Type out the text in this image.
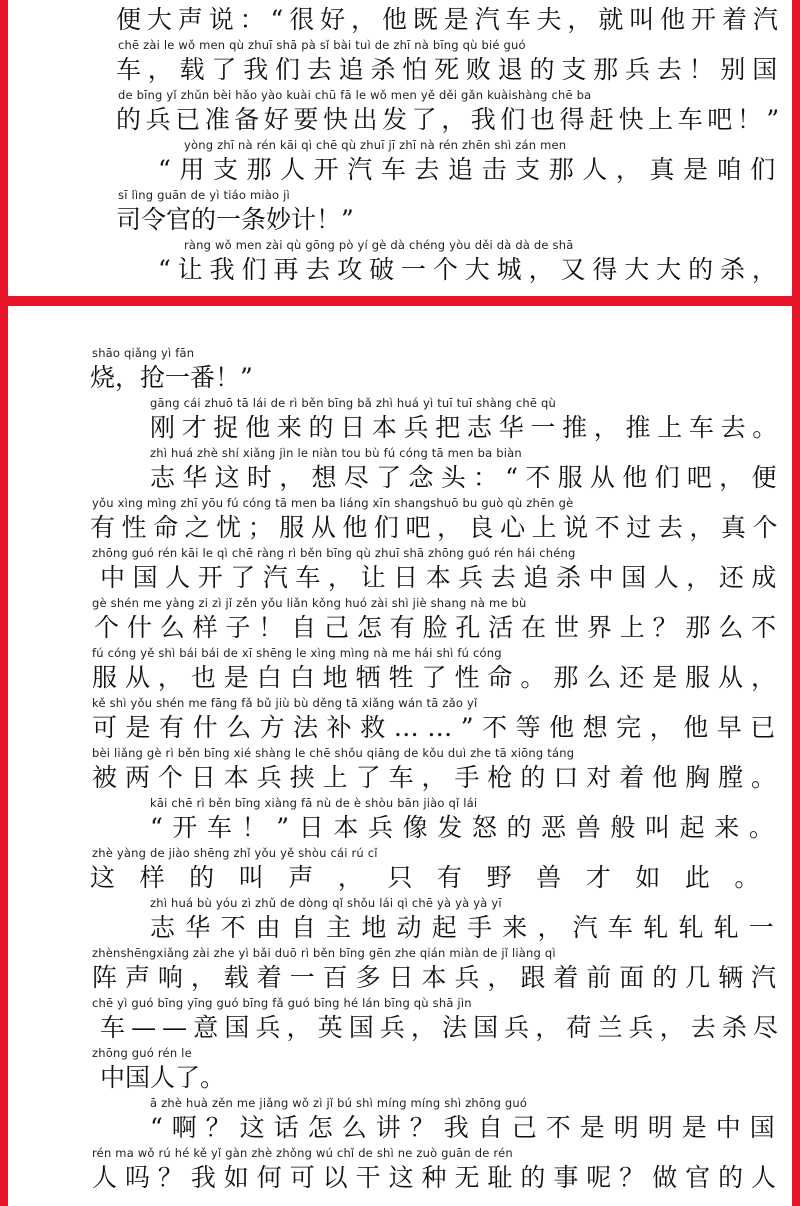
便大声说：“很好，他既是汽车夫，就叫他开着汽
chē zài le wǒ men qù zhuī shā pà sǐ bài tuì de zhī nà bīng qù bié guó
车，载了我们去追杀怕死败退的支那兵去！别国
de bīng yǐ zhǔn bèi hǎo yào kuài chū fā le wǒ men yě děi gǎn kuàishàng chē ba
的兵已准备好要快出发了，我们也得赶快上车吧！”
yòng zhī nà rén kāi qì chē qù zhuī jī zhī nà rén zhēn shì zán men
“用支那人开汽车去追击支那人，真是咱们
sī lìng guān de yì tiáo miào jì
司令官的一条妙计！”
ràng wǒ men zài qù gōng pò yí gè dà chéng yòu děi dà dà de shā
“让我们再去攻破一个大城，又得大大的杀，
shāo qiǎng yì fān
烧，抢一番！”
gāng cái zhuō tā lái de rì běn bīng bǎ zhì huá yì tuī tuī shàng chē qù
刚才捉他来的日本兵把志华一推，推上车去。
zhì huá zhè shí xiǎng jìn le niàn tou bù fú cóng tā men ba biàn
志华这时，想尽了念头：“不服从他们吧，便
yǒu xìng mìng zhī yōu fú cóng tā men ba liáng xīn shangshuō bu guò qù zhēn gè
有性命之忧；服从他们吧，良心上说不过去，真个
zhōng guó rén kāi le qì chē ràng rì běn bīng qù zhuī shā zhōng guó rén hái chéng
中国人开了汽车，让日本兵去追杀中国人，还成
gè shén me yàng zi zì jǐ zěn yǒu liǎn kǒng huó zài shì jiè shang nà me bù
个什么样子！自己怎有脸孔活在世界上？那么不
fú cóng yě shì bái bái de xī shēng le xìng mìng nà me hái shì fú cóng
服从，也是白白地牺牲了性命。那么还是服从，
kě shì yǒu shén me fāng fǎ bǔ jiù bù děng tā xiǎng wán tā zǎo yǐ
可是有什么方法补救……”不等他想完，他早已
bèi liǎng gè rì běn bīng xié shàng le chē shǒu qiāng de kǒu duì zhe tā xiōng táng
被两个日本兵挟上了车，手枪的口对着他胸膛。
kāi chē rì běn bīng xiàng fā nù de è shòu bān jiào qǐ lái
“开车！”日本兵像发怒的恶兽般叫起来。
zhè yàng de jiào shēng zhǐ yǒu yě shòu cái rú cǐ
这样的叫声，只有野兽才如此。
zhì huá bù yóu zì zhǔ de dòng qǐ shǒu lái qì chē yà yà yà yī
志华不由自主地动起手来，汽车轧轧轧一
zhènshēngxiǎng zài zhe yì bǎi duō rì běn bīng gēn zhe qián miàn de jǐ liàng qì
阵声响，载着一百多日本兵，跟着前面的几辆汽
chē yì guó bīng yīng guó bīng fǎ guó bīng hé lán bīng qù shā jìn
车——意国兵，英国兵，法国兵，荷兰兵，去杀尽
zhōng guó rén le
中国人了。
ā zhè huà zěn me jiǎng wǒ zì jǐ bú shì míng míng shì zhōng guó
“啊？这话怎么讲？我自己不是明明是中国
rén ma wǒ rú hé kě yǐ gàn zhè zhǒng wú chǐ de shì ne zuò guān de rén
人吗？我如何可以干这种无耻的事呢？做官的人
